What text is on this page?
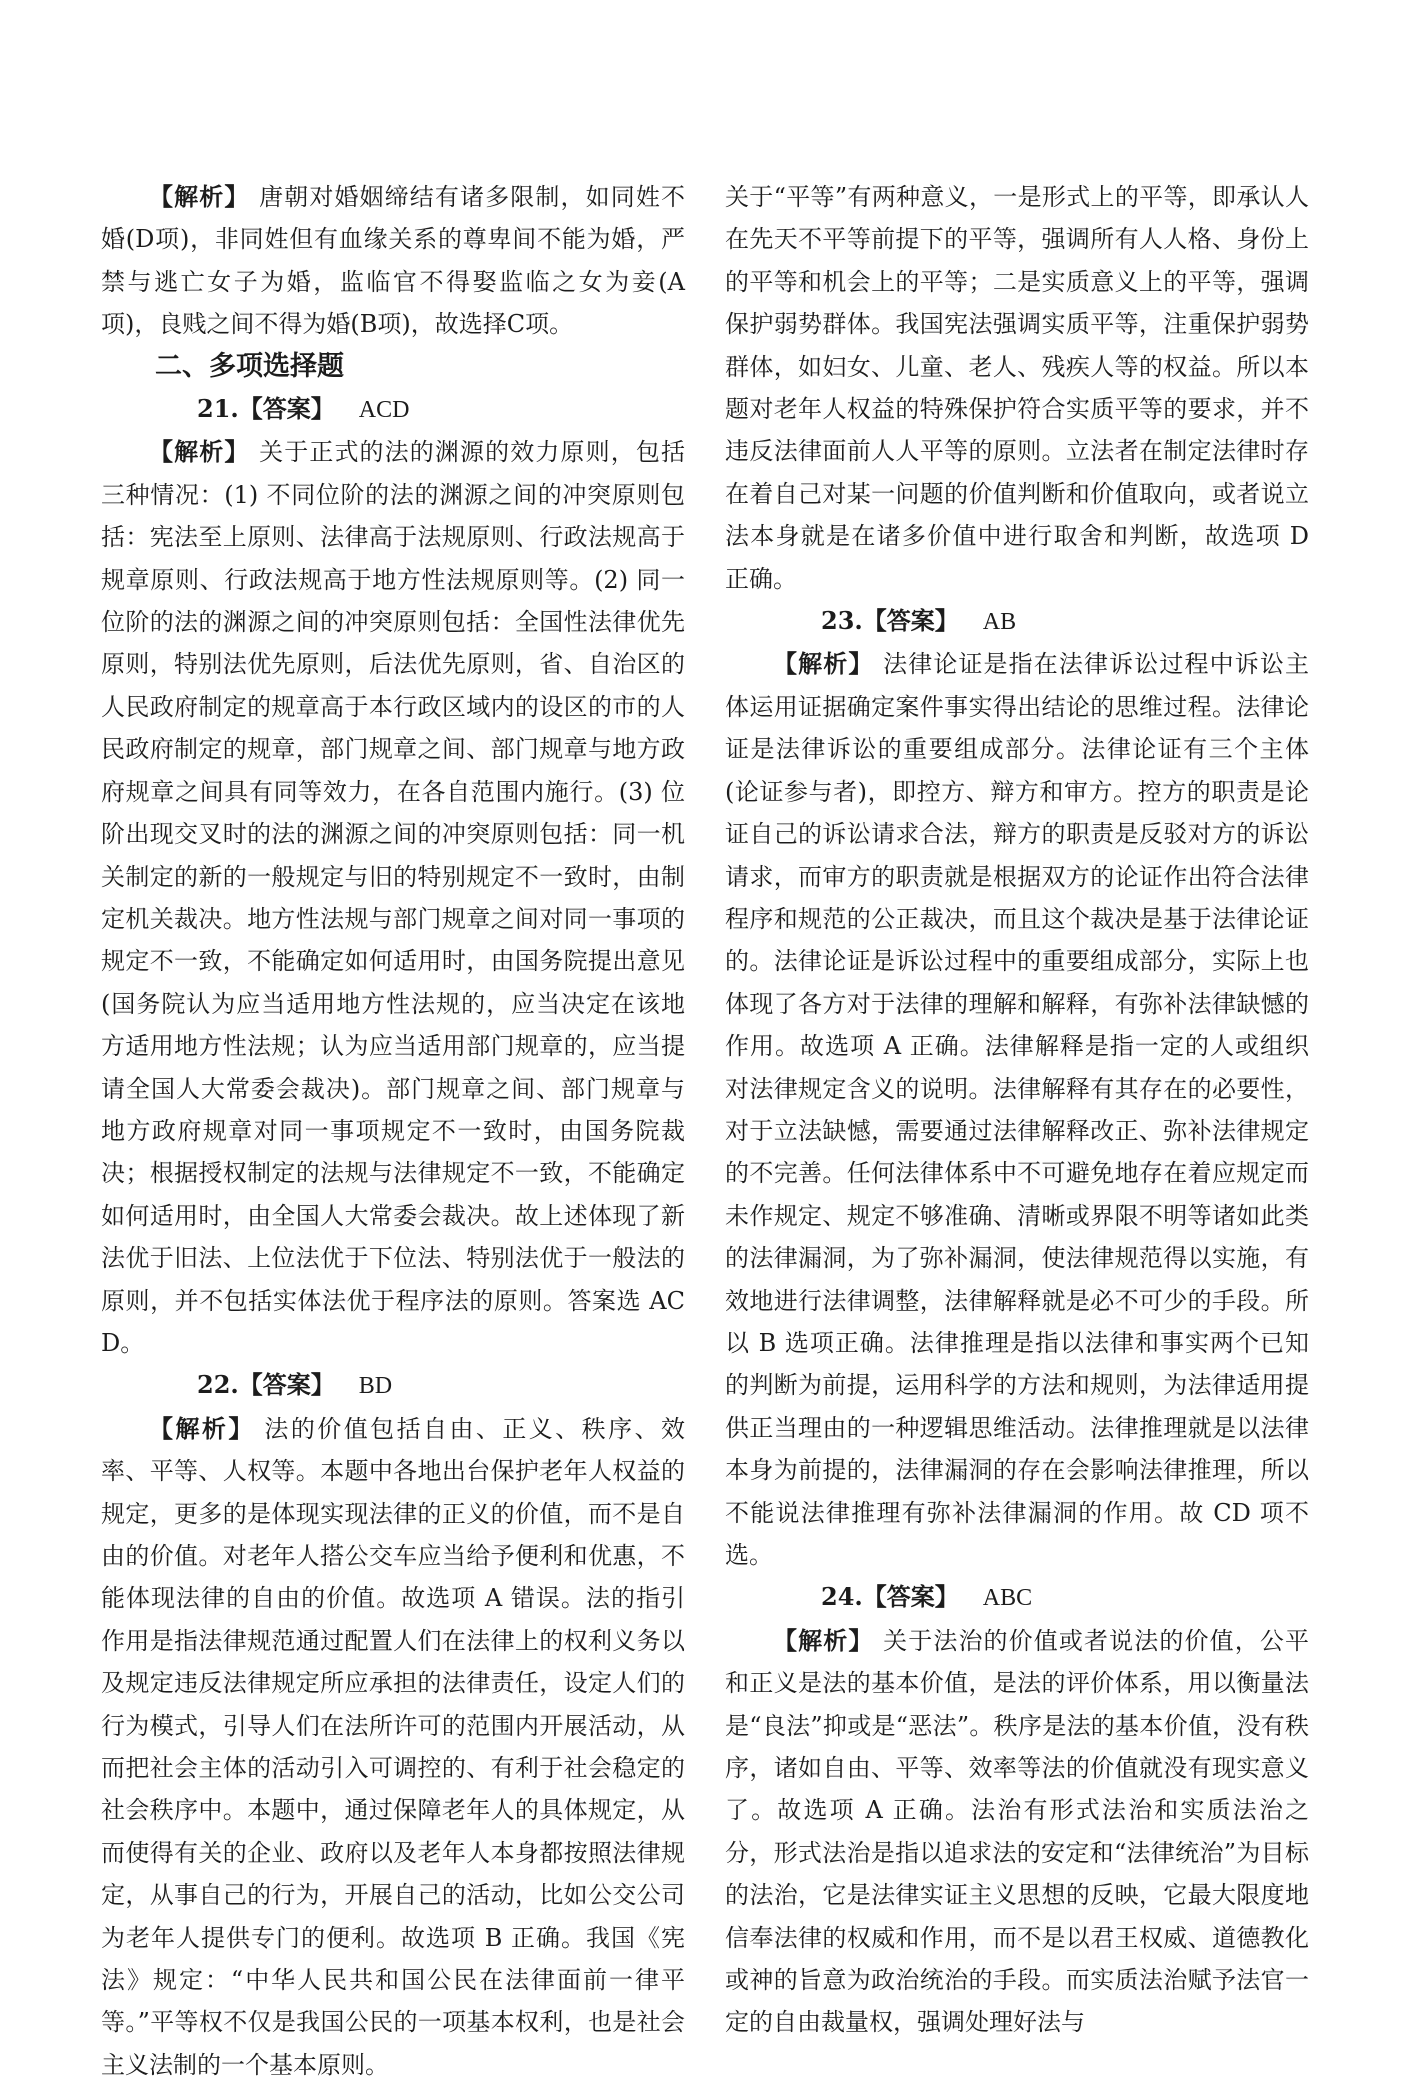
【解析】 唐朝对婚姻缔结有诸多限制，如同姓不婚(D项)，非同姓但有血缘关系的尊卑间不能为婚，严禁与逃亡女子为婚，监临官不得娶监临之女为妾(A项)，良贱之间不得为婚(B项)，故选择C项。

二、多项选择题

21.【答案】 ACD

【解析】 关于正式的法的渊源的效力原则，包括三种情况：(1) 不同位阶的法的渊源之间的冲突原则包括：宪法至上原则、法律高于法规原则、行政法规高于规章原则、行政法规高于地方性法规原则等。(2) 同一位阶的法的渊源之间的冲突原则包括：全国性法律优先原则，特别法优先原则，后法优先原则，省、自治区的人民政府制定的规章高于本行政区域内的设区的市的人民政府制定的规章，部门规章之间、部门规章与地方政府规章之间具有同等效力，在各自范围内施行。(3) 位阶出现交叉时的法的渊源之间的冲突原则包括：同一机关制定的新的一般规定与旧的特别规定不一致时，由制定机关裁决。地方性法规与部门规章之间对同一事项的规定不一致，不能确定如何适用时，由国务院提出意见(国务院认为应当适用地方性法规的，应当决定在该地方适用地方性法规；认为应当适用部门规章的，应当提请全国人大常委会裁决)。部门规章之间、部门规章与地方政府规章对同一事项规定不一致时，由国务院裁决；根据授权制定的法规与法律规定不一致，不能确定如何适用时，由全国人大常委会裁决。故上述体现了新法优于旧法、上位法优于下位法、特别法优于一般法的原则，并不包括实体法优于程序法的原则。答案选 ACD。

22.【答案】 BD

【解析】 法的价值包括自由、正义、秩序、效率、平等、人权等。本题中各地出台保护老年人权益的规定，更多的是体现实现法律的正义的价值，而不是自由的价值。对老年人搭公交车应当给予便利和优惠，不能体现法律的自由的价值。故选项 A 错误。法的指引作用是指法律规范通过配置人们在法律上的权利义务以及规定违反法律规定所应承担的法律责任，设定人们的行为模式，引导人们在法所许可的范围内开展活动，从而把社会主体的活动引入可调控的、有利于社会稳定的社会秩序中。本题中，通过保障老年人的具体规定，从而使得有关的企业、政府以及老年人本身都按照法律规定，从事自己的行为，开展自己的活动，比如公交公司为老年人提供专门的便利。故选项 B 正确。我国《宪法》规定：“中华人民共和国公民在法律面前一律平等。”平等权不仅是我国公民的一项基本权利，也是社会主义法制的一个基本原则。

关于“平等”有两种意义，一是形式上的平等，即承认人在先天不平等前提下的平等，强调所有人人格、身份上的平等和机会上的平等；二是实质意义上的平等，强调保护弱势群体。我国宪法强调实质平等，注重保护弱势群体，如妇女、儿童、老人、残疾人等的权益。所以本题对老年人权益的特殊保护符合实质平等的要求，并不违反法律面前人人平等的原则。立法者在制定法律时存在着自己对某一问题的价值判断和价值取向，或者说立法本身就是在诸多价值中进行取舍和判断，故选项 D 正确。

23.【答案】 AB

【解析】 法律论证是指在法律诉讼过程中诉讼主体运用证据确定案件事实得出结论的思维过程。法律论证是法律诉讼的重要组成部分。法律论证有三个主体(论证参与者)，即控方、辩方和审方。控方的职责是论证自己的诉讼请求合法，辩方的职责是反驳对方的诉讼请求，而审方的职责就是根据双方的论证作出符合法律程序和规范的公正裁决，而且这个裁决是基于法律论证的。法律论证是诉讼过程中的重要组成部分，实际上也体现了各方对于法律的理解和解释，有弥补法律缺憾的作用。故选项 A 正确。法律解释是指一定的人或组织对法律规定含义的说明。法律解释有其存在的必要性，对于立法缺憾，需要通过法律解释改正、弥补法律规定的不完善。任何法律体系中不可避免地存在着应规定而未作规定、规定不够准确、清晰或界限不明等诸如此类的法律漏洞，为了弥补漏洞，使法律规范得以实施，有效地进行法律调整，法律解释就是必不可少的手段。所以 B 选项正确。法律推理是指以法律和事实两个已知的判断为前提，运用科学的方法和规则，为法律适用提供正当理由的一种逻辑思维活动。法律推理就是以法律本身为前提的，法律漏洞的存在会影响法律推理，所以不能说法律推理有弥补法律漏洞的作用。故 CD 项不选。

24.【答案】 ABC

【解析】 关于法治的价值或者说法的价值，公平和正义是法的基本价值，是法的评价体系，用以衡量法是“良法”抑或是“恶法”。秩序是法的基本价值，没有秩序，诸如自由、平等、效率等法的价值就没有现实意义了。故选项 A 正确。法治有形式法治和实质法治之分，形式法治是指以追求法的安定和“法律统治”为目标的法治，它是法律实证主义思想的反映，它最大限度地信奉法律的权威和作用，而不是以君王权威、道德教化或神的旨意为政治统治的手段。而实质法治赋予法官一定的自由裁量权，强调处理好法与
